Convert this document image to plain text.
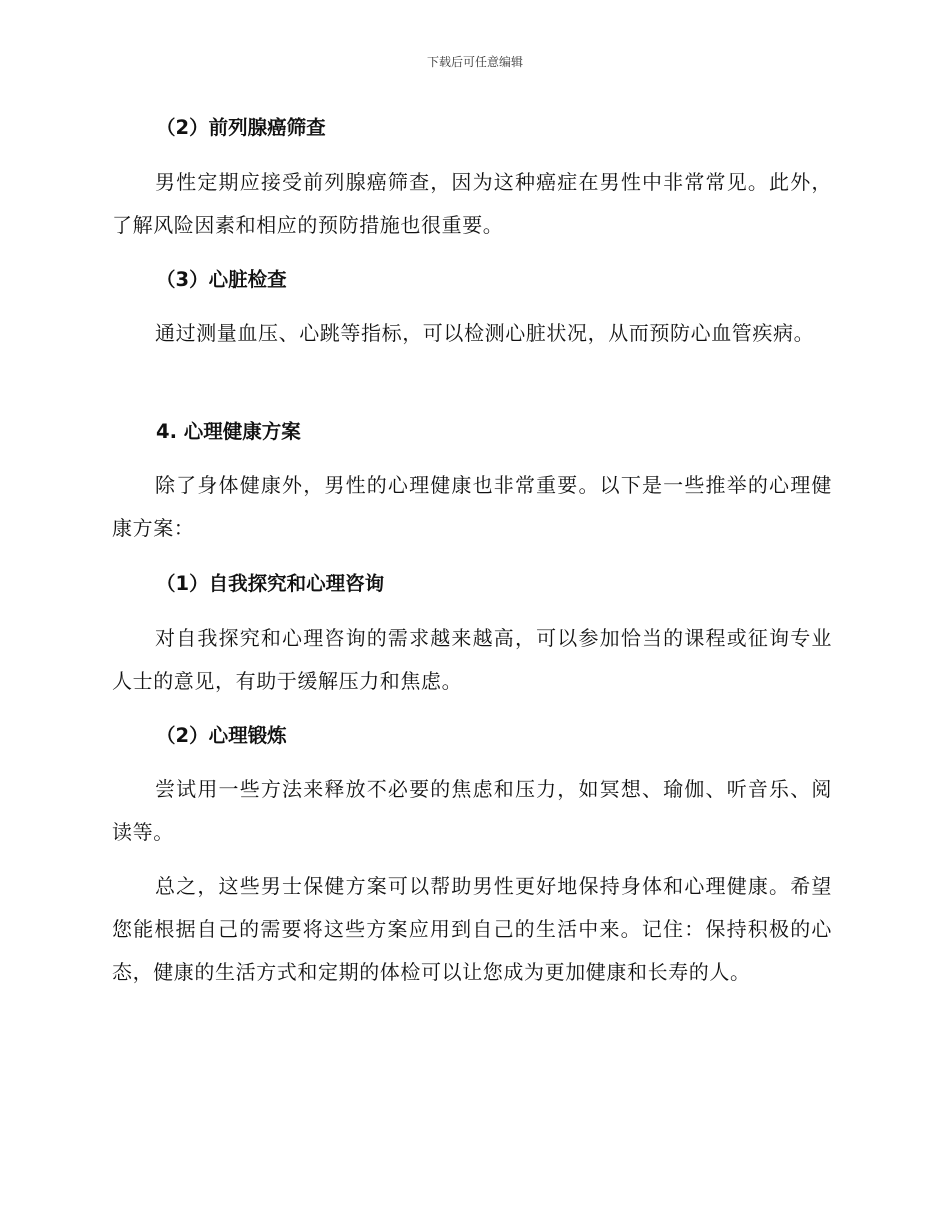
下载后可任意编辑
（2）前列腺癌筛查

男性定期应接受前列腺癌筛查，因为这种癌症在男性中非常常见。此外，了解风险因素和相应的预防措施也很重要。

（3）心脏检查

通过测量血压、心跳等指标，可以检测心脏状况，从而预防心血管疾病。

4. 心理健康方案

除了身体健康外，男性的心理健康也非常重要。以下是一些推举的心理健康方案：

（1）自我探究和心理咨询

对自我探究和心理咨询的需求越来越高，可以参加恰当的课程或征询专业人士的意见，有助于缓解压力和焦虑。

（2）心理锻炼

尝试用一些方法来释放不必要的焦虑和压力，如冥想、瑜伽、听音乐、阅读等。

总之，这些男士保健方案可以帮助男性更好地保持身体和心理健康。希望您能根据自己的需要将这些方案应用到自己的生活中来。记住：保持积极的心态，健康的生活方式和定期的体检可以让您成为更加健康和长寿的人。
